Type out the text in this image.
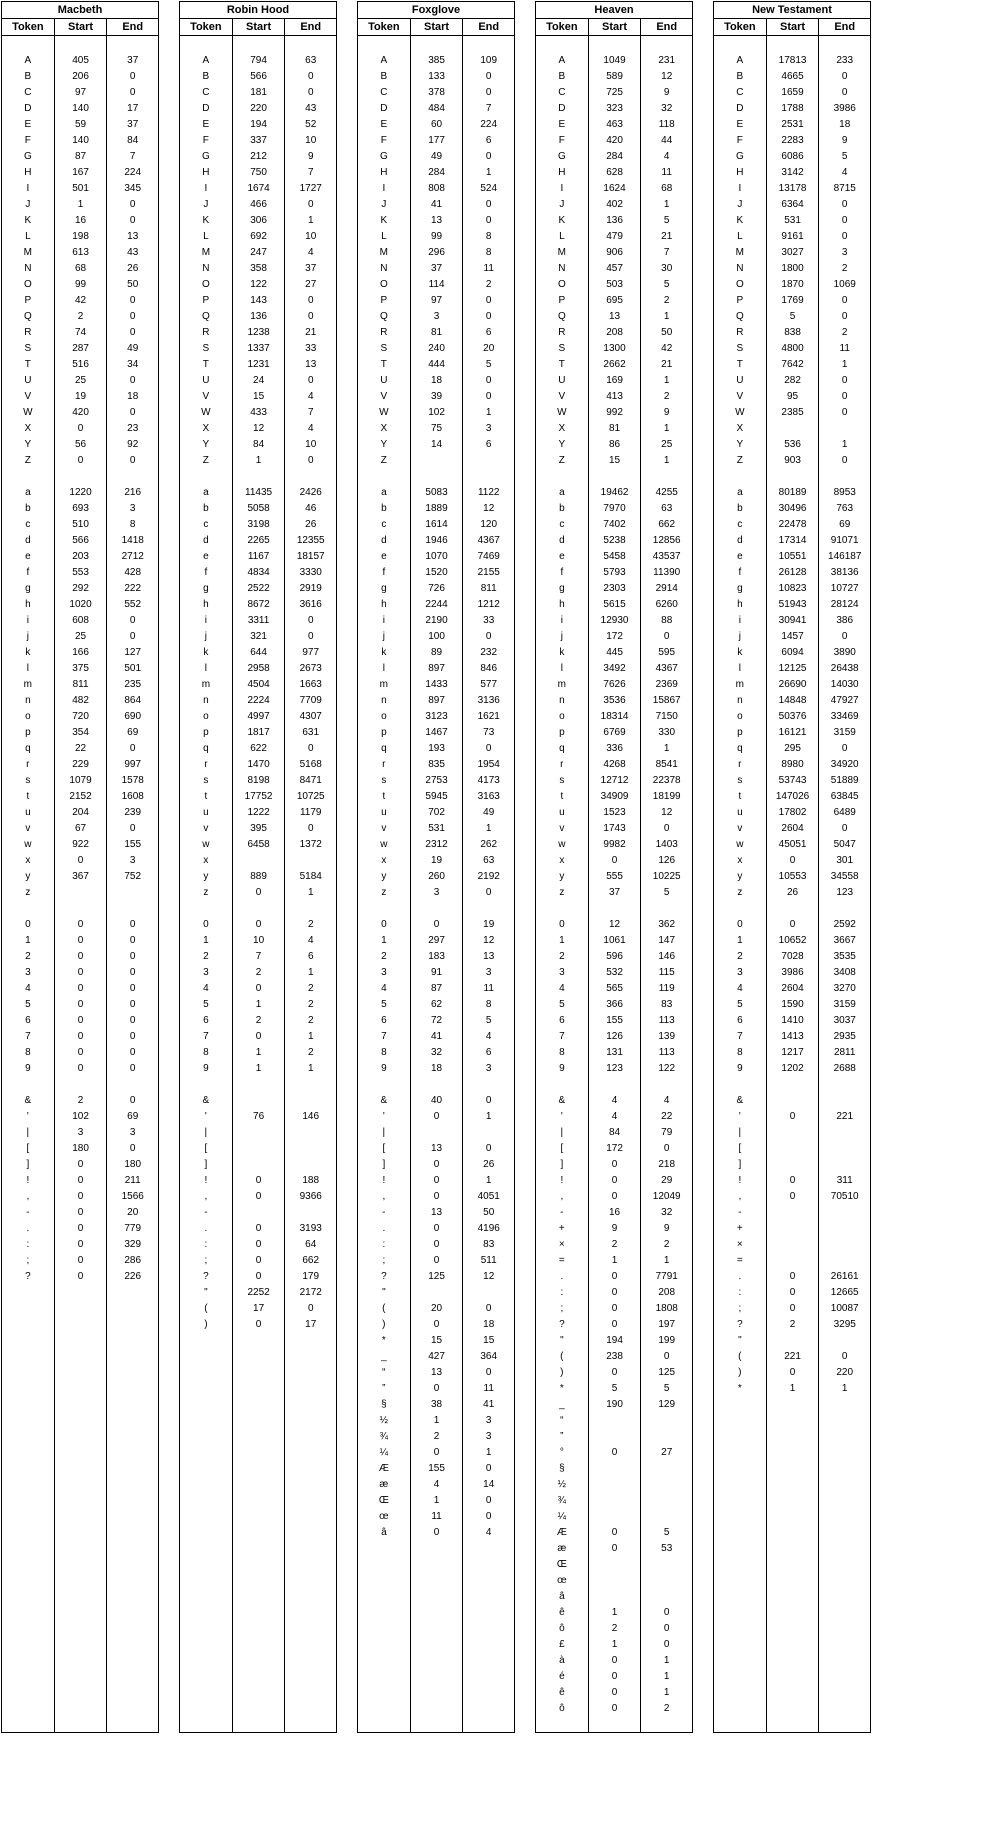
Macbeth		
Token	Start	End

A	405	37
B	206	0
C	97	0
D	140	17
E	59	37
F	140	84
G	87	7
H	167	224
I	501	345
J	1	0
K	16	0
L	198	13
M	613	43
N	68	26
O	99	50
P	42	0
Q	2	0
R	74	0
S	287	49
T	516	34
U	25	0
V	19	18
W	420	0
X	0	23
Y	56	92
Z	0	0

a	1220	216
b	693	3
c	510	8
d	566	1418
e	203	2712
f	553	428
g	292	222
h	1020	552
i	608	0
j	25	0
k	166	127
l	375	501
m	811	235
n	482	864
o	720	690
p	354	69
q	22	0
r	229	997
s	1079	1578
t	2152	1608
u	204	239
v	67	0
w	922	155
x	0	3
y	367	752
z		

0	0	0
1	0	0
2	0	0
3	0	0
4	0	0
5	0	0
6	0	0
7	0	0
8	0	0
9	0	0

&	2	0
'	102	69
|	3	3
[	180	0
]	0	180
!	0	211
,	0	1566
-	0	20
.	0	779
:	0	329
;	0	286
?	0	226

Robin Hood		
Token	Start	End

A	794	63
B	566	0
C	181	0
D	220	43
E	194	52
F	337	10
G	212	9
H	750	7
I	1674	1727
J	466	0
K	306	1
L	692	10
M	247	4
N	358	37
O	122	27
P	143	0
Q	136	0
R	1238	21
S	1337	33
T	1231	13
U	24	0
V	15	4
W	433	7
X	12	4
Y	84	10
Z	1	0

a	11435	2426
b	5058	46
c	3198	26
d	2265	12355
e	1167	18157
f	4834	3330
g	2522	2919
h	8672	3616
i	3311	0
j	321	0
k	644	977
l	2958	2673
m	4504	1663
n	2224	7709
o	4997	4307
p	1817	631
q	622	0
r	1470	5168
s	8198	8471
t	17752	10725
u	1222	1179
v	395	0
w	6458	1372
x		
y	889	5184
z	0	1

0	0	2
1	10	4
2	7	6
3	2	1
4	0	2
5	1	2
6	2	2
7	0	1
8	1	2
9	1	1

&		
'	76	146
|		
[		
]		
!	0	188
,	0	9366
-		
.	0	3193
:	0	64
;	0	662
?	0	179
"	2252	2172
(	17	0
)	0	17

Foxglove		
Token	Start	End

A	385	109
B	133	0
C	378	0
D	484	7
E	60	224
F	177	6
G	49	0
H	284	1
I	808	524
J	41	0
K	13	0
L	99	8
M	296	8
N	37	11
O	114	2
P	97	0
Q	3	0
R	81	6
S	240	20
T	444	5
U	18	0
V	39	0
W	102	1
X	75	3
Y	14	6
Z		

a	5083	1122
b	1889	12
c	1614	120
d	1946	4367
e	1070	7469
f	1520	2155
g	726	811
h	2244	1212
i	2190	33
j	100	0
k	89	232
l	897	846
m	1433	577
n	897	3136
o	3123	1621
p	1467	73
q	193	0
r	835	1954
s	2753	4173
t	5945	3163
u	702	49
v	531	1
w	2312	262
x	19	63
y	260	2192
z	3	0

0	0	19
1	297	12
2	183	13
3	91	3
4	87	11
5	62	8
6	72	5
7	41	4
8	32	6
9	18	3

&	40	0
'	0	1
|		
[	13	0
]	0	26
!	0	1
,	0	4051
-	13	50
.	0	4196
:	0	83
;	0	511
?	125	12
"		
(	20	0
)	0	18
*	15	15
_	427	364
“	13	0
”	0	11
§	38	41
½	1	3
¾	2	3
¼	0	1
Æ	155	0
æ	4	14
Œ	1	0
œ	11	0
â	0	4

Heaven		
Token	Start	End

A	1049	231
B	589	12
C	725	9
D	323	32
E	463	118
F	420	44
G	284	4
H	628	11
I	1624	68
J	402	1
K	136	5
L	479	21
M	906	7
N	457	30
O	503	5
P	695	2
Q	13	1
R	208	50
S	1300	42
T	2662	21
U	169	1
V	413	2
W	992	9
X	81	1
Y	86	25
Z	15	1

a	19462	4255
b	7970	63
c	7402	662
d	5238	12856
e	5458	43537
f	5793	11390
g	2303	2914
h	5615	6260
i	12930	88
j	172	0
k	445	595
l	3492	4367
m	7626	2369
n	3536	15867
o	18314	7150
p	6769	330
q	336	1
r	4268	8541
s	12712	22378
t	34909	18199
u	1523	12
v	1743	0
w	9982	1403
x	0	126
y	555	10225
z	37	5

0	12	362
1	1061	147
2	596	146
3	532	115
4	565	119
5	366	83
6	155	113
7	126	139
8	131	113
9	123	122

&	4	4
'	4	22
|	84	79
[	172	0
]	0	218
!	0	29
,	0	12049
-	16	32
+	9	9
×	2	2
=	1	1
.	0	7791
:	0	208
;	0	1808
?	0	197
"	194	199
(	238	0
)	0	125
*	5	5
_	190	129
“		
”		
°	0	27
§		
½		
¾		
¼		
Æ	0	5
æ	0	53
Œ		
œ		
â		
ê	1	0
ô	2	0
£	1	0
à	0	1
é	0	1
ê	0	1
ô	0	2

New Testament		
Token	Start	End

A	17813	233
B	4665	0
C	1659	0
D	1788	3986
E	2531	18
F	2283	9
G	6086	5
H	3142	4
I	13178	8715
J	6364	0
K	531	0
L	9161	0
M	3027	3
N	1800	2
O	1870	1069
P	1769	0
Q	5	0
R	838	2
S	4800	11
T	7642	1
U	282	0
V	95	0
W	2385	0
X		
Y	536	1
Z	903	0

a	80189	8953
b	30496	763
c	22478	69
d	17314	91071
e	10551	146187
f	26128	38136
g	10823	10727
h	51943	28124
i	30941	386
j	1457	0
k	6094	3890
l	12125	26438
m	26690	14030
n	14848	47927
o	50376	33469
p	16121	3159
q	295	0
r	8980	34920
s	53743	51889
t	147026	63845
u	17802	6489
v	2604	0
w	45051	5047
x	0	301
y	10553	34558
z	26	123

0	0	2592
1	10652	3667
2	7028	3535
3	3986	3408
4	2604	3270
5	1590	3159
6	1410	3037
7	1413	2935
8	1217	2811
9	1202	2688

&		
'	0	221
|		
[		
]		
!	0	311
,	0	70510
-		
+		
×		
=		
.	0	26161
:	0	12665
;	0	10087
?	2	3295
"		
(	221	0
)	0	220
*	1	1
